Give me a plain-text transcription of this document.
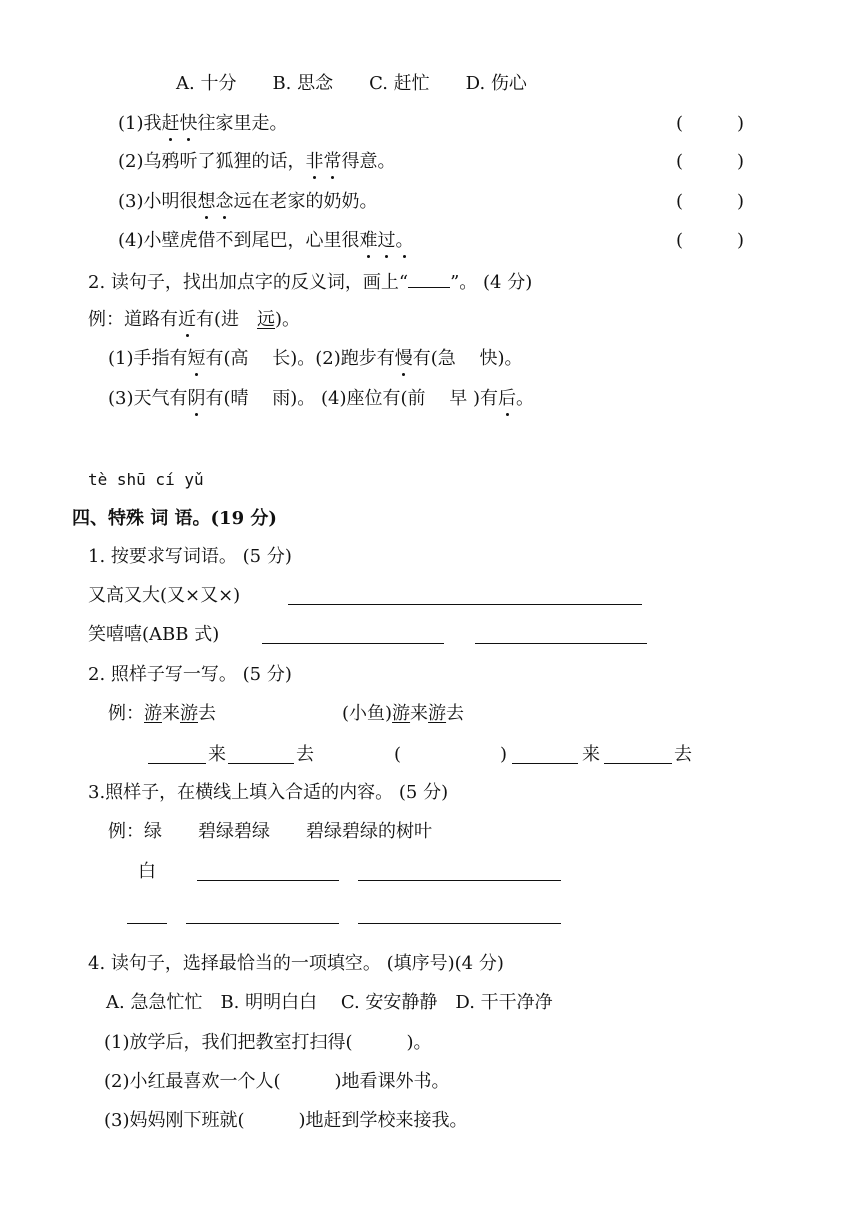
A. 十分　　B. 思念　　C. 赶忙　　D. 伤心
(1)我赶快往家里走。	(　　　)
(2)乌鸦听了狐狸的话，非常得意。	(　　　)
(3)小明很想念远在老家的奶奶。	(　　　)
(4)小壁虎借不到尾巴，心里很难过。	(　　　)
2. 读句子，找出加点字的反义词，画上“ ”。 (4 分)
例：道路有近有(进　远)。
(1)手指有短有(高　 长)。(2)跑步有慢有(急　 快)。
(3)天气有阴有(晴　 雨)。 (4)座位有(前　 早 )有后。
tè shū cí yǔ
四、特殊 词 语。(19 分)
1. 按要求写词语。 (5 分)
又高又大(又×又×)
笑嘻嘻(ABB 式)
2. 照样子写一写。 (5 分)
例：游来游去	(小鱼)游来游去
来	去	(	)	来	去
3.照样子，在横线上填入合适的内容。 (5 分)
例：绿　　碧绿碧绿　　碧绿碧绿的树叶
白
4. 读句子，选择最恰当的一项填空。 (填序号)(4 分)
A. 急急忙忙　B. 明明白白　 C. 安安静静　D. 干干净净
(1)放学后，我们把教室打扫得(　　　)。
(2)小红最喜欢一个人(　　　)地看课外书。
(3)妈妈刚下班就(　　　)地赶到学校来接我。
